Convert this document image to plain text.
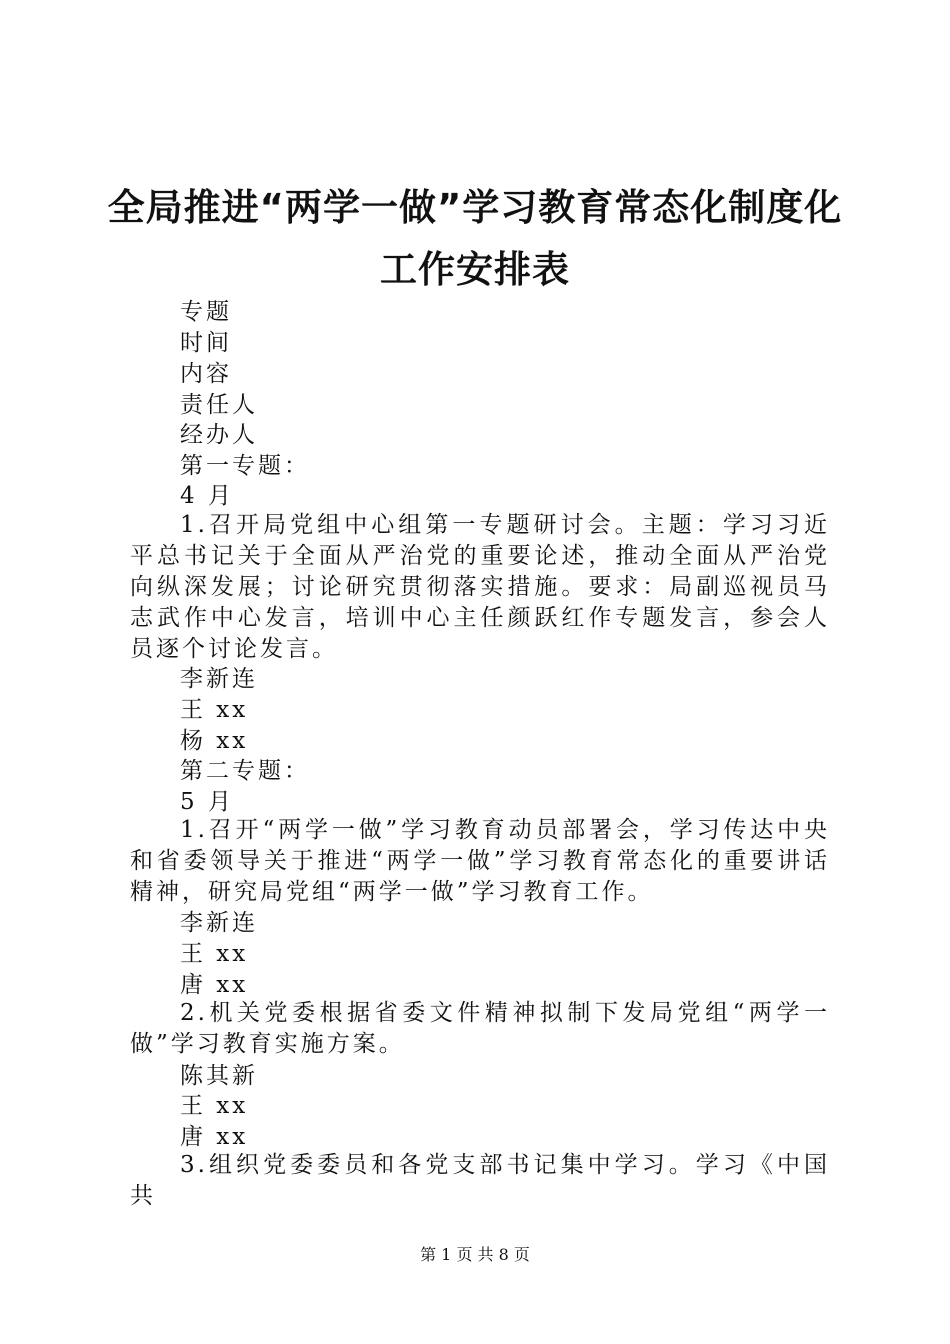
全局推进“两学一做”学习教育常态化制度化
工作安排表
专题
时间
内容
责任人
经办人
第一专题：
4 月
1.召开局党组中心组第一专题研讨会。主题：学习习近平总书记关于全面从严治党的重要论述，推动全面从严治党向纵深发展；讨论研究贯彻落实措施。要求：局副巡视员马志武作中心发言，培训中心主任颜跃红作专题发言，参会人员逐个讨论发言。
李新连
王 xx
杨 xx
第二专题：
5 月
1.召开“两学一做”学习教育动员部署会，学习传达中央和省委领导关于推进“两学一做”学习教育常态化的重要讲话精神，研究局党组“两学一做”学习教育工作。
李新连
王 xx
唐 xx
2.机关党委根据省委文件精神拟制下发局党组“两学一做”学习教育实施方案。
陈其新
王 xx
唐 xx
3.组织党委委员和各党支部书记集中学习。学习《中国共
第 1 页 共 8 页
